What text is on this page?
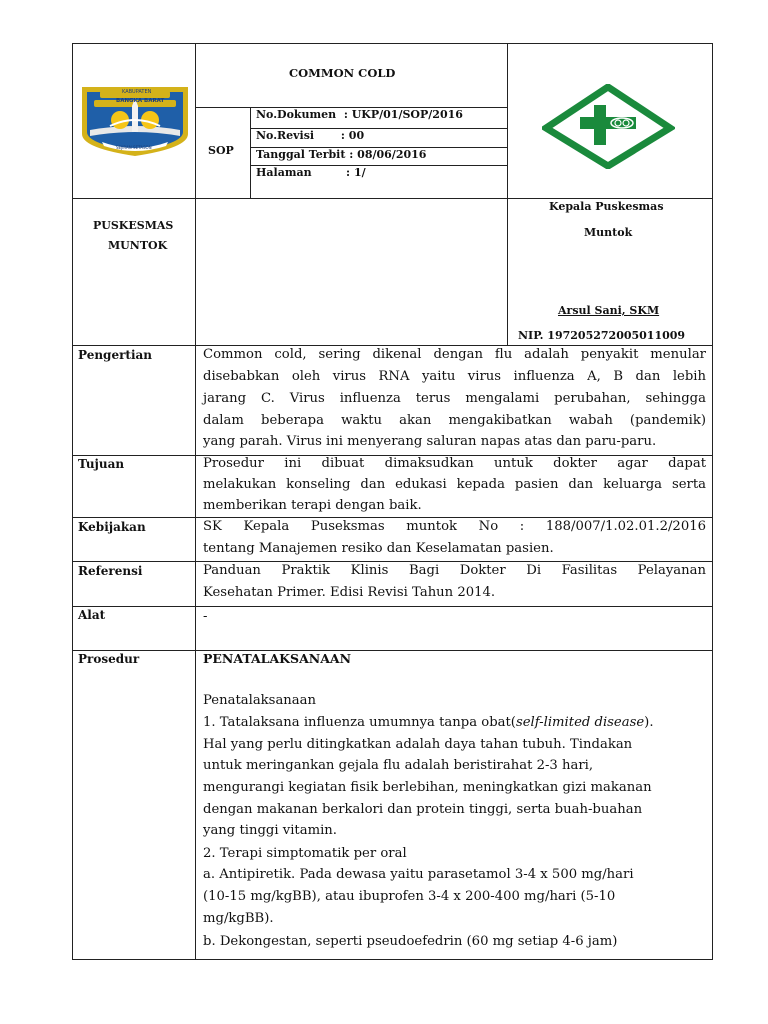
KABUPATEN
BANGKA BARAT
SEJIRAN SETASON
COMMON COLD
SOP
No.Dokumen  : UKP/01/SOP/2016
No.Revisi       : 00
Tanggal Terbit : 08/06/2016
Halaman         : 1/
PUSKESMAS
MUNTOK
Kepala Puskesmas
Muntok
Arsul Sani, SKM
NIP. 197205272005011009
Pengertian	Common cold, sering dikenal dengan flu adalah penyakit menular
disebabkan oleh virus RNA yaitu virus influenza A, B dan lebih
jarang C. Virus influenza terus mengalami perubahan, sehingga
dalam beberapa waktu akan mengakibatkan wabah (pandemik)
yang parah. Virus ini menyerang saluran napas atas dan paru-paru.
Tujuan	Prosedur ini dibuat dimaksudkan untuk dokter agar dapat
melakukan konseling dan edukasi kepada pasien dan keluarga serta
memberikan terapi dengan baik.
Kebijakan	SK Kepala Puseksmas muntok No : 188/007/1.02.01.2/2016
tentang Manajemen resiko dan Keselamatan pasien.
Referensi	Panduan Praktik Klinis Bagi Dokter Di Fasilitas Pelayanan
Kesehatan Primer. Edisi Revisi Tahun 2014.
Alat	-
Prosedur	PENATALAKSANAAN
Penatalaksanaan
1. Tatalaksana influenza umumnya tanpa obat(self-limited disease).
Hal yang perlu ditingkatkan adalah daya tahan tubuh. Tindakan
untuk meringankan gejala flu adalah beristirahat 2-3 hari,
mengurangi kegiatan fisik berlebihan, meningkatkan gizi makanan
dengan makanan berkalori dan protein tinggi, serta buah-buahan
yang tinggi vitamin.
2. Terapi simptomatik per oral
a. Antipiretik. Pada dewasa yaitu parasetamol 3-4 x 500 mg/hari
(10-15 mg/kgBB), atau ibuprofen 3-4 x 200-400 mg/hari (5-10
mg/kgBB).
b. Dekongestan, seperti pseudoefedrin (60 mg setiap 4-6 jam)
